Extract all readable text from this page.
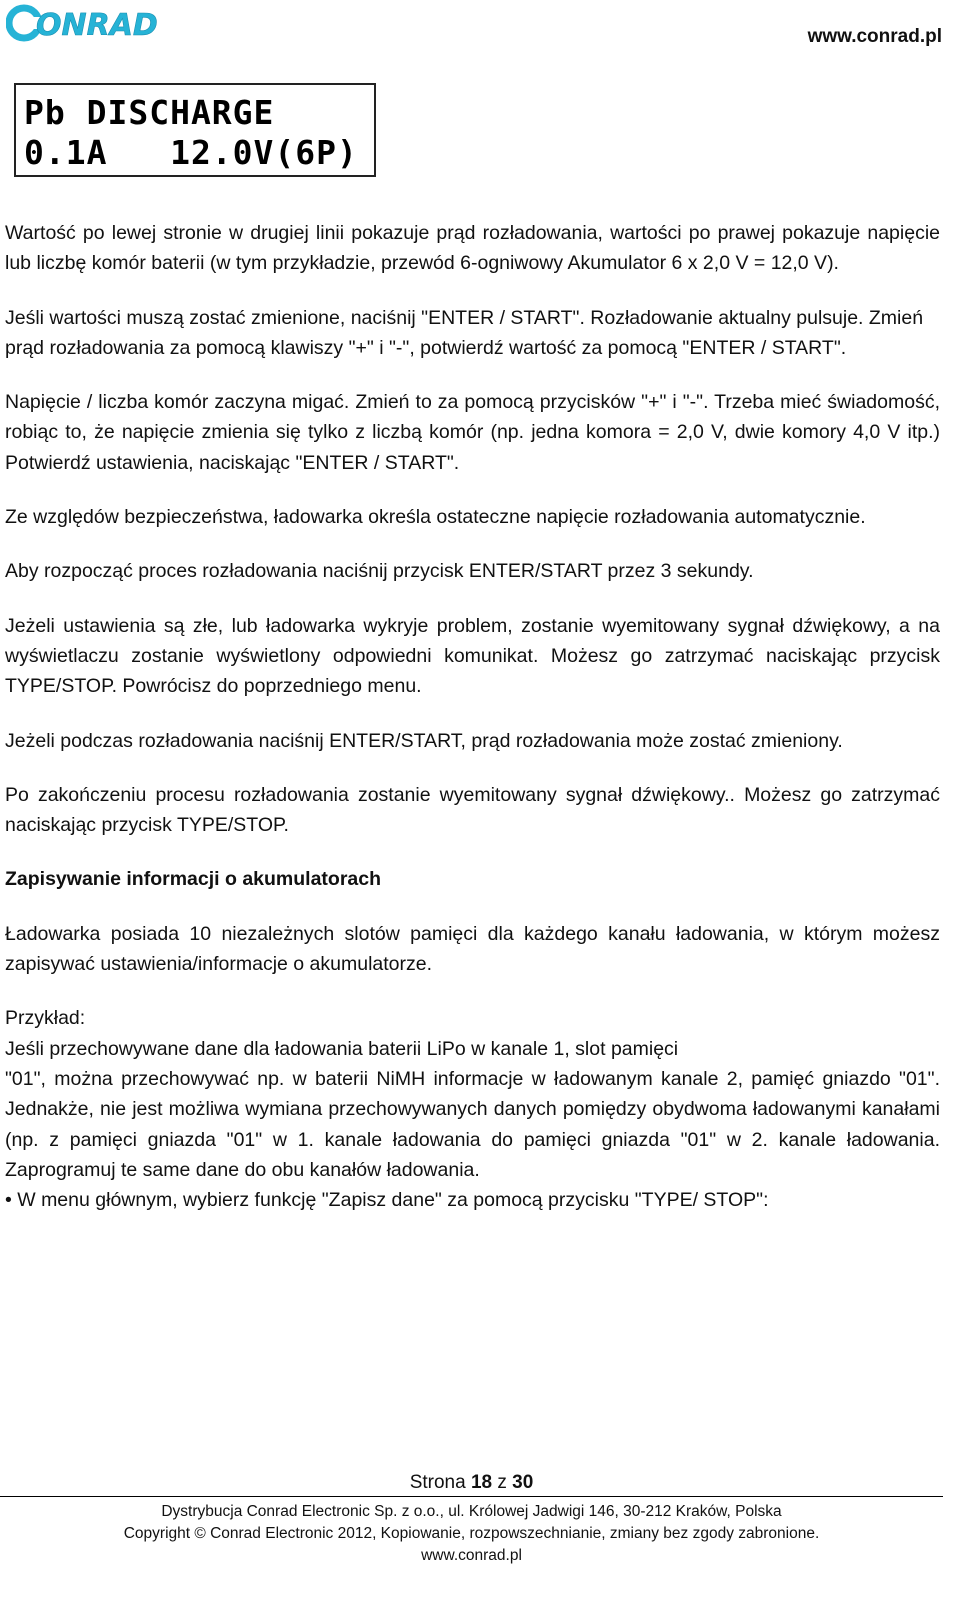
ONRAD	www.conrad.pl
Pb DISCHARGE
0.1A   12.0V(6P)

Wartość po lewej stronie w drugiej linii pokazuje prąd rozładowania, wartości po prawej pokazuje napięcie lub liczbę komór baterii (w tym przykładzie, przewód 6-ogniwowy Akumulator 6 x 2,0 V = 12,0 V).

Jeśli wartości muszą zostać zmienione, naciśnij "ENTER / START". Rozładowanie aktualny pulsuje. Zmień prąd rozładowania za pomocą klawiszy "+" i "-", potwierdź wartość za pomocą "ENTER / START".

Napięcie / liczba komór zaczyna migać. Zmień to za pomocą przycisków "+" i "-". Trzeba mieć świadomość, robiąc to, że napięcie zmienia się tylko z liczbą komór (np. jedna komora = 2,0 V, dwie komory 4,0 V itp.) Potwierdź ustawienia, naciskając "ENTER / START".

Ze względów bezpieczeństwa, ładowarka określa ostateczne napięcie rozładowania automatycznie.

Aby rozpocząć proces rozładowania naciśnij przycisk ENTER/START przez 3 sekundy.

Jeżeli ustawienia są złe, lub ładowarka wykryje problem, zostanie wyemitowany sygnał dźwiękowy, a na wyświetlaczu zostanie wyświetlony odpowiedni komunikat. Możesz go zatrzymać naciskając przycisk TYPE/STOP. Powrócisz do poprzedniego menu.

Jeżeli podczas rozładowania naciśnij ENTER/START, prąd rozładowania może zostać zmieniony.

Po zakończeniu procesu rozładowania zostanie wyemitowany sygnał dźwiękowy.. Możesz go zatrzymać naciskając przycisk TYPE/STOP.

Zapisywanie informacji o akumulatorach

Ładowarka posiada 10 niezależnych slotów pamięci dla każdego kanału ładowania, w którym możesz zapisywać ustawienia/informacje o akumulatorze.

Przykład:

Jeśli przechowywane dane dla ładowania baterii LiPo w kanale 1, slot pamięci

"01", można przechowywać np. w baterii NiMH informacje w ładowanym kanale 2, pamięć gniazdo "01". Jednakże, nie jest możliwa wymiana przechowywanych danych pomiędzy obydwoma ładowanymi kanałami (np. z pamięci gniazda "01" w 1. kanale ładowania do pamięci gniazda "01" w 2. kanale ładowania. Zaprogramuj te same dane do obu kanałów ładowania.

• W menu głównym, wybierz funkcję "Zapisz dane" za pomocą przycisku "TYPE/ STOP":

Strona 18 z 30
Dystrybucja Conrad Electronic Sp. z o.o., ul. Królowej Jadwigi 146, 30-212 Kraków, Polska
Copyright © Conrad Electronic 2012, Kopiowanie, rozpowszechnianie, zmiany bez zgody zabronione.
www.conrad.pl
